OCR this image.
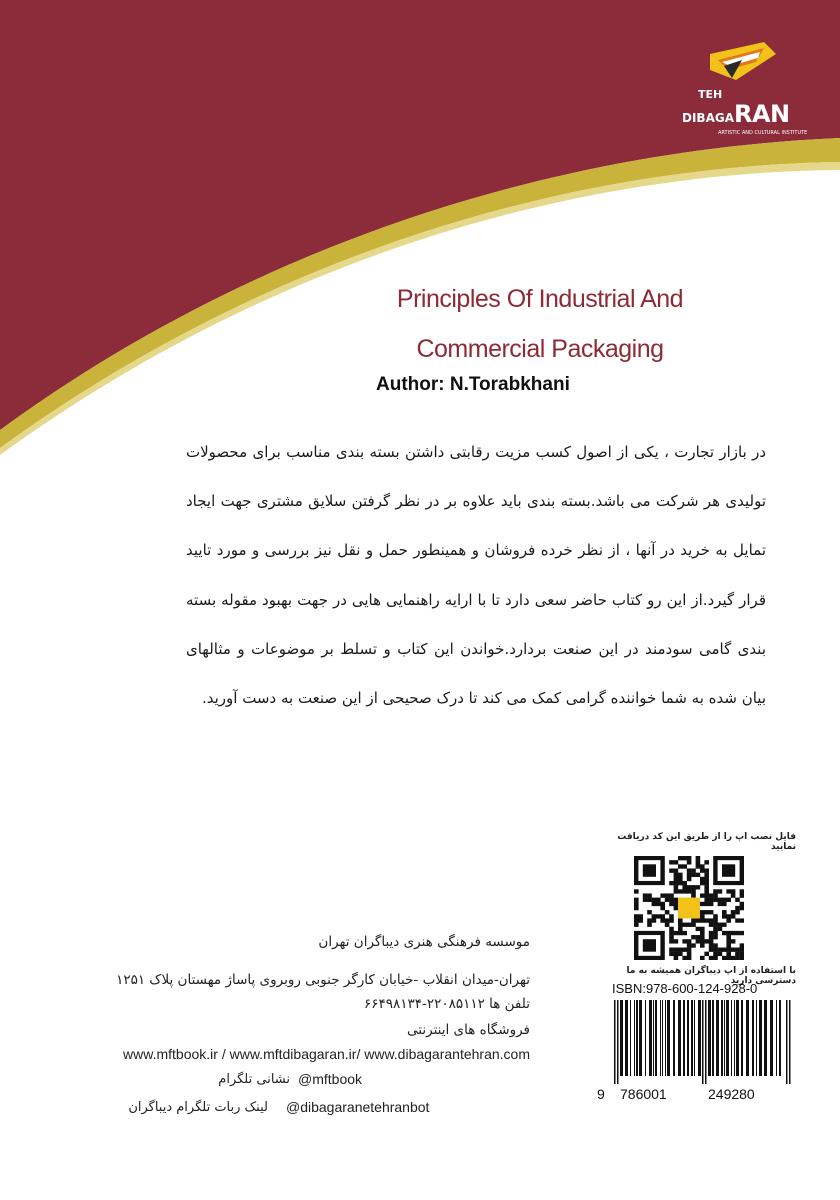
TEH
DIBAGARAN
ARTISTIC AND CULTURAL INSTITUTE
Principles Of Industrial And
Commercial Packaging
Author: N.Torabkhani
در بازار تجارت ، یکی از اصول کسب مزیت رقابتی داشتن بسته بندی مناسب برای محصولات تولیدی هر شرکت می باشد.بسته بندی باید علاوه بر در نظر گرفتن سلایق مشتری جهت ایجاد تمایل به خرید در آنها ، از نظر خرده فروشان و همینطور حمل و نقل نیز بررسی و مورد تایید قرار گیرد.از این رو کتاب حاضر سعی دارد تا با ارایه راهنمایی هایی در جهت بهبود مقوله بسته بندی گامی سودمند در این صنعت بردارد.خواندن این کتاب و تسلط بر موضوعات و مثالهای بیان شده به شما خواننده گرامی کمک می کند تا درک صحیحی از این صنعت به دست آورید.
فایل نصب اپ را از طریق این کد دریافت نمایید
با استفاده از اپ دیباگران همیشه به ما دسترسی دارید
ISBN:978-600-124-928-0
9 786001	249280
موسسه فرهنگی هنری دیباگران تهران
تهران-میدان انقلاب -خیابان کارگر جنوبی روبروی پاساژ مهستان پلاک ۱۲۵۱
تلفن ها ۲۲۰۸۵۱۱۲-۶۶۴۹۸۱۳۴
فروشگاه های اینترنتی
www.mftbook.ir / www.mftdibagaran.ir/ www.dibagarantehran.com
نشانی تلگرام @mftbook
لینک ربات تلگرام دیباگران @dibagaranetehranbot
